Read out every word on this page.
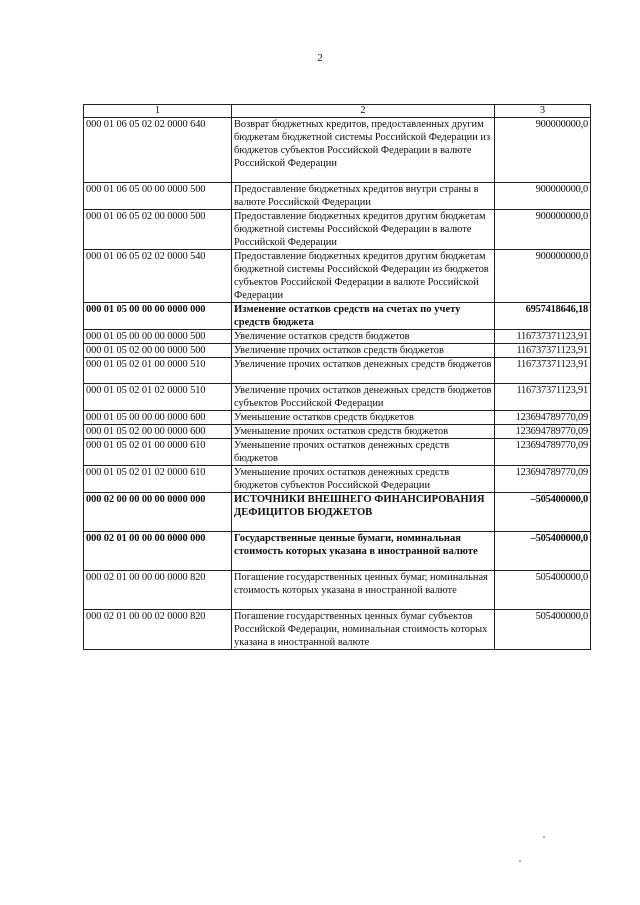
2
1	2	3
000 01 06 05 02 02 0000 640	Возврат бюджетных кредитов, предоставленных другим бюджетам бюджетной системы Российской Федерации из бюджетов субъектов Российской Федерации в валюте Российской Федерации	900000000,0
000 01 06 05 00 00 0000 500	Предоставление бюджетных кредитов внутри страны в валюте Российской Федерации	900000000,0
000 01 06 05 02 00 0000 500	Предоставление бюджетных кредитов другим бюджетам бюджетной системы Российской Федерации в валюте Российской Федерации	900000000,0
000 01 06 05 02 02 0000 540	Предоставление бюджетных кредитов другим бюджетам бюджетной системы Российской Федерации из бюджетов субъектов Российской Федерации в валюте Российской Федерации	900000000,0
000 01 05 00 00 00 0000 000	Изменение остатков средств на счетах по учету средств бюджета	6957418646,18
000 01 05 00 00 00 0000 500	Увеличение остатков средств бюджетов	116737371123,91
000 01 05 02 00 00 0000 500	Увеличение прочих остатков средств бюджетов	116737371123,91
000 01 05 02 01 00 0000 510	Увеличение прочих остатков денежных средств бюджетов	116737371123,91
000 01 05 02 01 02 0000 510	Увеличение прочих остатков денежных средств бюджетов субъектов Российской Федерации	116737371123,91
000 01 05 00 00 00 0000 600	Уменьшение остатков средств бюджетов	123694789770,09
000 01 05 02 00 00 0000 600	Уменьшение прочих остатков средств бюджетов	123694789770,09
000 01 05 02 01 00 0000 610	Уменьшение прочих остатков денежных средств бюджетов	123694789770,09
000 01 05 02 01 02 0000 610	Уменьшение прочих остатков денежных средств бюджетов субъектов Российской Федерации	123694789770,09
000 02 00 00 00 00 0000 000	ИСТОЧНИКИ ВНЕШНЕГО ФИНАНСИРОВАНИЯ ДЕФИЦИТОВ БЮДЖЕТОВ	–505400000,0
000 02 01 00 00 00 0000 000	Государственные ценные бумаги, номинальная стоимость которых указана в иностранной валюте	–505400000,0
000 02 01 00 00 00 0000 820	Погашение государственных ценных бумаг, номинальная стоимость которых указана в иностранной валюте	505400000,0
000 02 01 00 00 02 0000 820	Погашение государственных ценных бумаг субъектов Российской Федерации, номинальная стоимость которых указана в иностранной валюте	505400000,0
